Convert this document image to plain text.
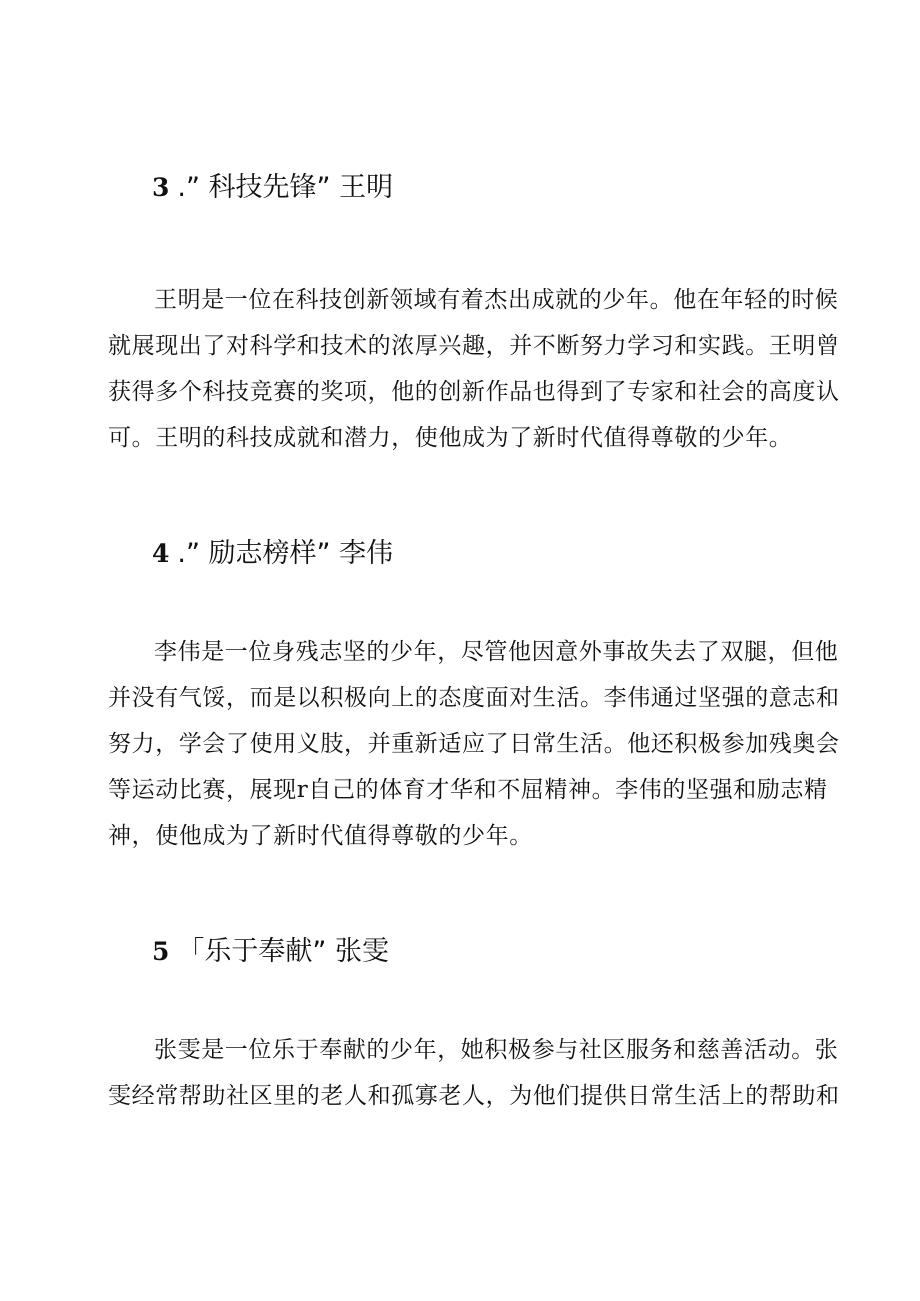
3 .” 科技先锋” 王明
王明是一位在科技创新领域有着杰出成就的少年。他在年轻的时候
就展现出了对科学和技术的浓厚兴趣，并不断努力学习和实践。王明曾
获得多个科技竞赛的奖项，他的创新作品也得到了专家和社会的高度认
可。王明的科技成就和潜力，使他成为了新时代值得尊敬的少年。
4 .” 励志榜样” 李伟
李伟是一位身残志坚的少年，尽管他因意外事故失去了双腿，但他
并没有气馁，而是以积极向上的态度面对生活。李伟通过坚强的意志和
努力，学会了使用义肢，并重新适应了日常生活。他还积极参加残奥会
等运动比赛，展现r自己的体育才华和不屈精神。李伟的坚强和励志精
神，使他成为了新时代值得尊敬的少年。
5 「乐于奉献” 张雯
张雯是一位乐于奉献的少年，她积极参与社区服务和慈善活动。张
雯经常帮助社区里的老人和孤寡老人，为他们提供日常生活上的帮助和
